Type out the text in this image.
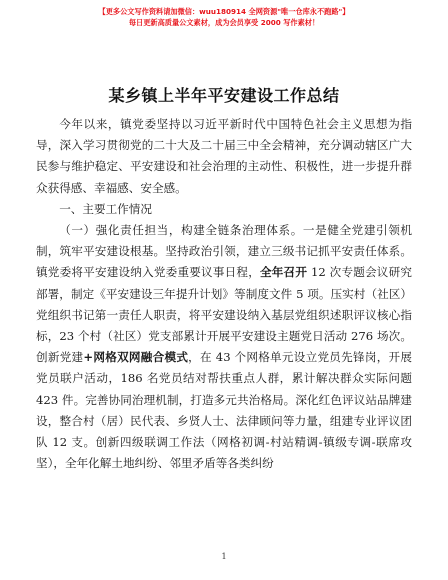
【更多公文写作资料请加微信：wuu180914 全网资源"唯一仓库永不跑路"】
每日更新高质量公文素材，成为会员享受 2000 写作素材！
某乡镇上半年平安建设工作总结

今年以来，镇党委坚持以习近平新时代中国特色社会主义思想为指导，深入学习贯彻党的二十大及二十届三中全会精神，充分调动辖区广大民参与维护稳定、平安建设和社会治理的主动性、积极性，进一步提升群众获得感、幸福感、安全感。

一、主要工作情况

（一）强化责任担当，构建全链条治理体系。一是健全党建引领机制，筑牢平安建设根基。坚持政治引领，建立三级书记抓平安责任体系。镇党委将平安建设纳入党委重要议事日程，全年召开 12 次专题会议研究部署，制定《平安建设三年提升计划》等制度文件 5 项。压实村（社区）党组织书记第一责任人职责，将平安建设纳入基层党组织述职评议核心指标，23 个村（社区）党支部累计开展平安建设主题党日活动 276 场次。创新党建+网格双网融合模式，在 43 个网格单元设立党员先锋岗，开展党员联户活动，186 名党员结对帮扶重点人群，累计解决群众实际问题 423 件。完善协同治理机制，打造多元共治格局。深化红色评议站品牌建设，整合村（居）民代表、乡贤人士、法律顾问等力量，组建专业评议团队 12 支。创新四级联调工作法（网格初调-村站精调-镇级专调-联席攻坚），全年化解土地纠纷、邻里矛盾等各类纠纷

1
